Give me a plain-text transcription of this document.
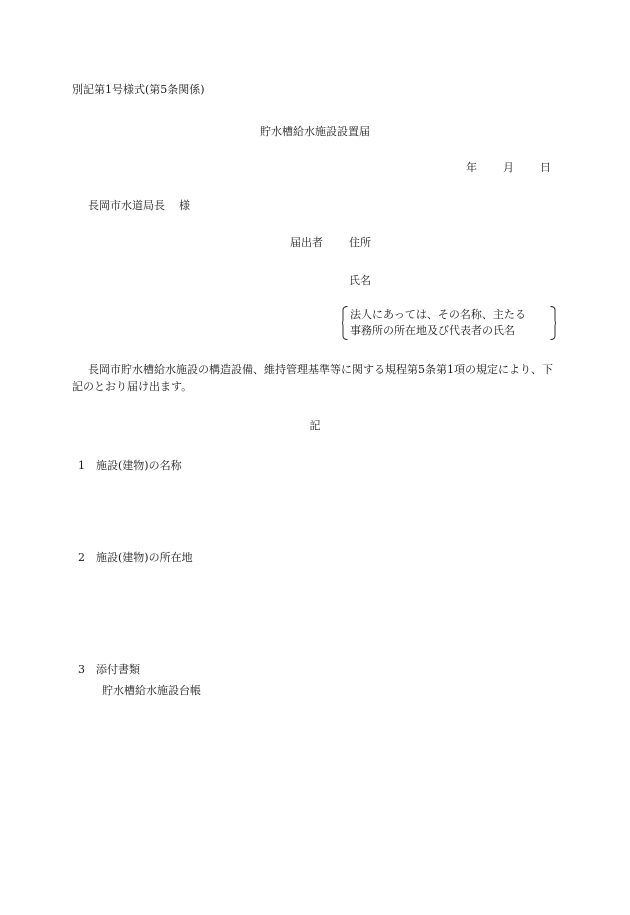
別記第1号様式(第5条関係)
貯水槽給水施設設置届
年 月 日
長岡市水道局長 様
届出者 住所
氏名
法人にあっては、その名称、主たる
事務所の所在地及び代表者の氏名
長岡市貯水槽給水施設の構造設備、維持管理基準等に関する規程第5条第1項の規定により、下記のとおり届け出ます。
記
1 施設(建物)の名称
2 施設(建物)の所在地
3 添付書類
貯水槽給水施設台帳
